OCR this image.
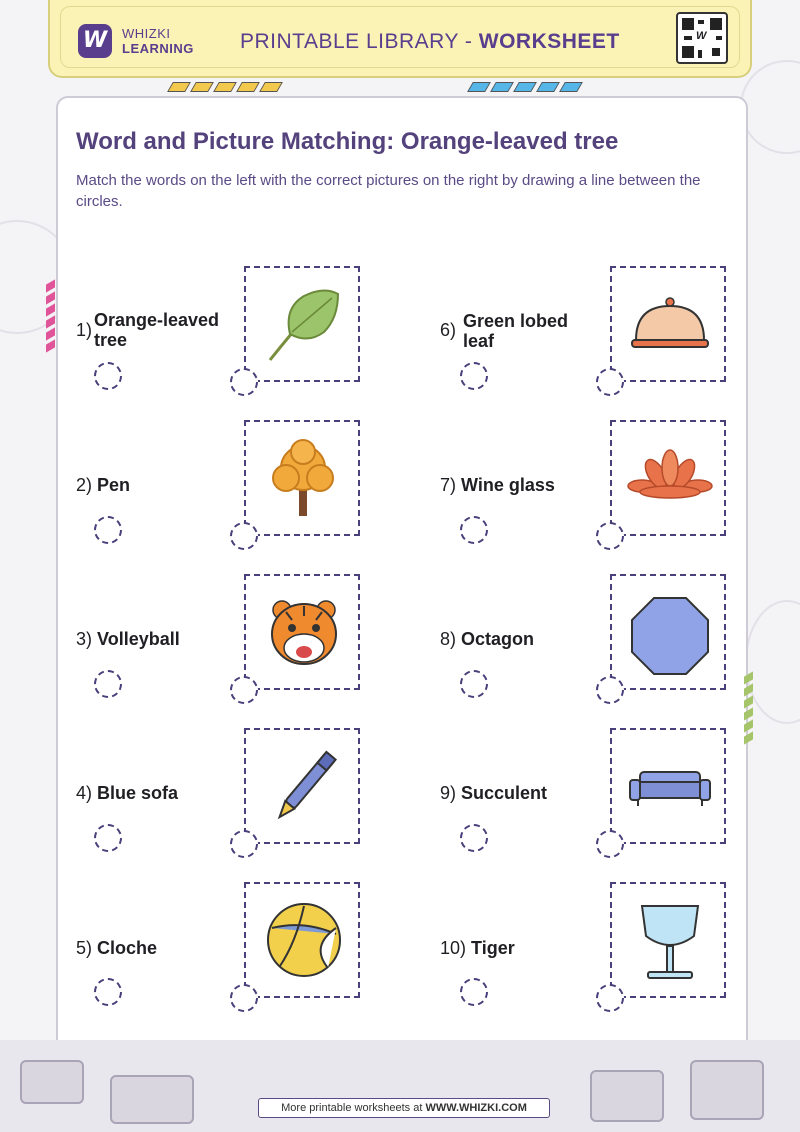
W	WHIZKI
LEARNING PRINTABLE LIBRARY - WORKSHEET	W
Word and Picture Matching: Orange-leaved tree
Match the words on the left with the correct pictures on the right by drawing a line between the circles.
1) Orange-leaved tree
2) Pen
3) Volleyball
4) Blue sofa
5) Cloche
6) Green lobed leaf
7) Wine glass
8) Octagon
9) Succulent
10) Tiger
More printable worksheets at WWW.WHIZKI.COM
